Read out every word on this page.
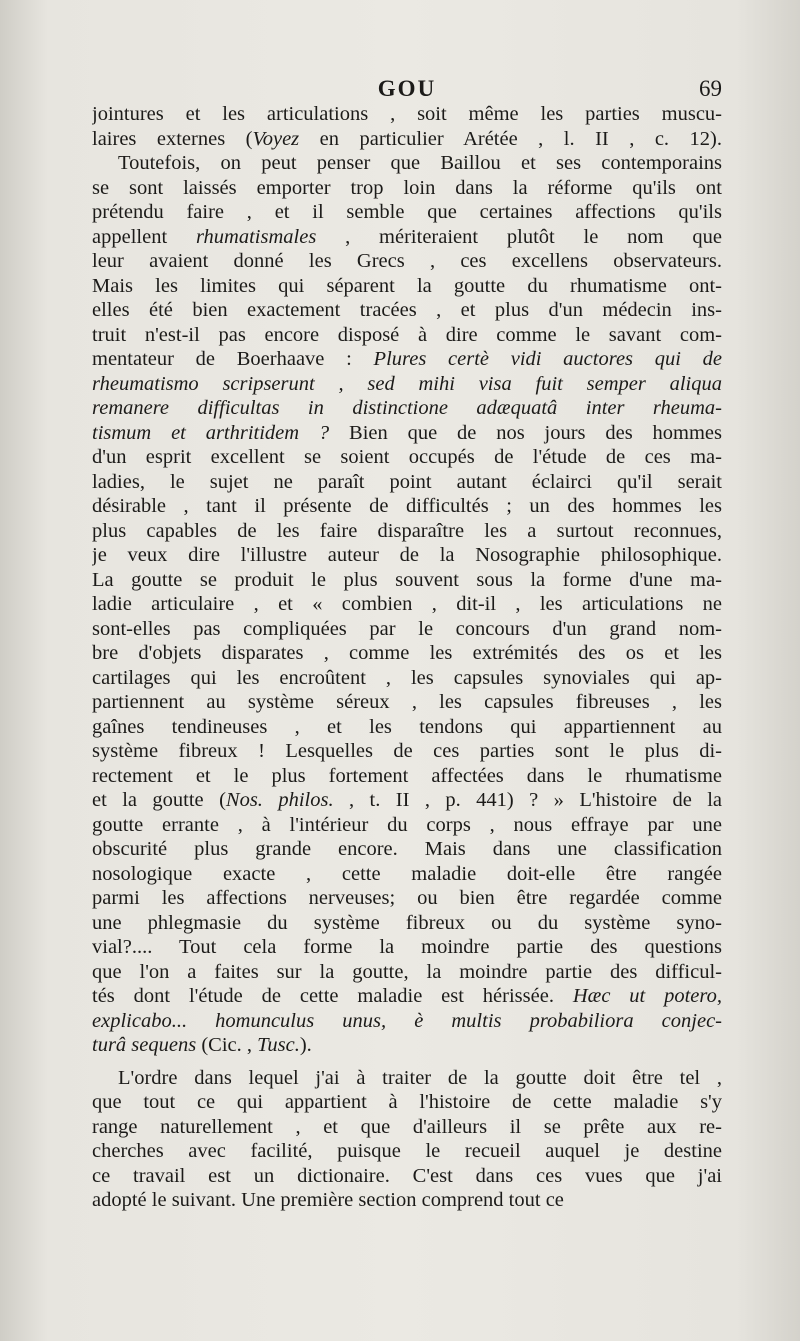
GOU	69
jointures et les articulations , soit même les parties muscu-
laires externes (Voyez en particulier Arétée , l. II , c. 12).
Toutefois, on peut penser que Baillou et ses contemporains
se sont laissés emporter trop loin dans la réforme qu'ils ont
prétendu faire , et il semble que certaines affections qu'ils
appellent rhumatismales , mériteraient plutôt le nom que
leur avaient donné les Grecs , ces excellens observateurs.
Mais les limites qui séparent la goutte du rhumatisme ont-
elles été bien exactement tracées , et plus d'un médecin ins-
truit n'est-il pas encore disposé à dire comme le savant com-
mentateur de Boerhaave : Plures certè vidi auctores qui de
rheumatismo scripserunt , sed mihi visa fuit semper aliqua
remanere difficultas in distinctione adæquatâ inter rheuma-
tismum et arthritidem ? Bien que de nos jours des hommes
d'un esprit excellent se soient occupés de l'étude de ces ma-
ladies, le sujet ne paraît point autant éclairci qu'il serait
désirable , tant il présente de difficultés ; un des hommes les
plus capables de les faire disparaître les a surtout reconnues,
je veux dire l'illustre auteur de la Nosographie philosophique.
La goutte se produit le plus souvent sous la forme d'une ma-
ladie articulaire , et « combien , dit-il , les articulations ne
sont-elles pas compliquées par le concours d'un grand nom-
bre d'objets disparates , comme les extrémités des os et les
cartilages qui les encroûtent , les capsules synoviales qui ap-
partiennent au système séreux , les capsules fibreuses , les
gaînes tendineuses , et les tendons qui appartiennent au
système fibreux ! Lesquelles de ces parties sont le plus di-
rectement et le plus fortement affectées dans le rhumatisme
et la goutte (Nos. philos. , t. II , p. 441) ? » L'histoire de la
goutte errante , à l'intérieur du corps , nous effraye par une
obscurité plus grande encore. Mais dans une classification
nosologique exacte , cette maladie doit-elle être rangée
parmi les affections nerveuses; ou bien être regardée comme
une phlegmasie du système fibreux ou du système syno-
vial?.... Tout cela forme la moindre partie des questions
que l'on a faites sur la goutte, la moindre partie des difficul-
tés dont l'étude de cette maladie est hérissée. Hæc ut potero,
explicabo... homunculus unus, è multis probabiliora conjec-
turâ sequens (Cic. , Tusc.).
L'ordre dans lequel j'ai à traiter de la goutte doit être tel ,
que tout ce qui appartient à l'histoire de cette maladie s'y
range naturellement , et que d'ailleurs il se prête aux re-
cherches avec facilité, puisque le recueil auquel je destine
ce travail est un dictionaire. C'est dans ces vues que j'ai
adopté le suivant. Une première section comprend tout ce
